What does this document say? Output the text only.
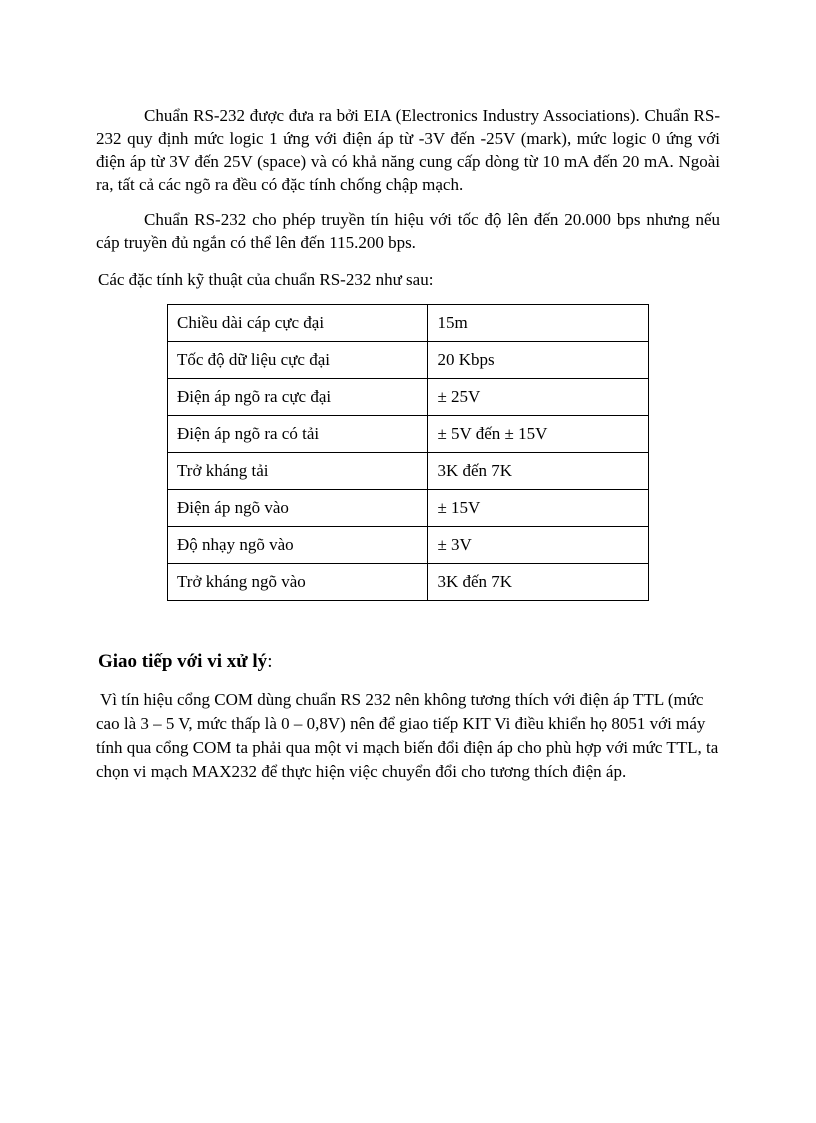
Chuẩn RS-232 được đưa ra bởi EIA (Electronics Industry Associations). Chuẩn RS-232 quy định mức logic 1 ứng với điện áp từ -3V đến -25V (mark), mức logic 0 ứng với điện áp từ 3V đến 25V (space) và có khả năng cung cấp dòng từ 10 mA đến 20 mA. Ngoài ra, tất cả các ngõ ra đều có đặc tính chống chập mạch.

Chuẩn RS-232 cho phép truyền tín hiệu với tốc độ lên đến 20.000 bps nhưng nếu cáp truyền đủ ngắn có thể lên đến 115.200 bps.

Các đặc tính kỹ thuật của chuẩn RS-232 như sau:

Chiều dài cáp cực đại	15m
Tốc độ dữ liệu cực đại	20 Kbps
Điện áp ngõ ra cực đại	± 25V
Điện áp ngõ ra có tải	± 5V đến ± 15V
Trở kháng tải	3K đến 7K
Điện áp ngõ vào	± 15V
Độ nhạy ngõ vào	± 3V
Trở kháng ngõ vào	3K đến 7K
Giao tiếp với vi xử lý:

Vì tín hiệu cổng COM dùng chuẩn RS 232 nên không tương thích với điện áp TTL (mức cao là 3 – 5 V, mức thấp là 0 – 0,8V) nên để giao tiếp KIT Vi điều khiển họ 8051 với máy tính qua cổng COM ta phải qua một vi mạch biến đổi điện áp cho phù hợp với mức TTL, ta chọn vi mạch MAX232 để thực hiện việc chuyển đổi cho tương thích điện áp.
